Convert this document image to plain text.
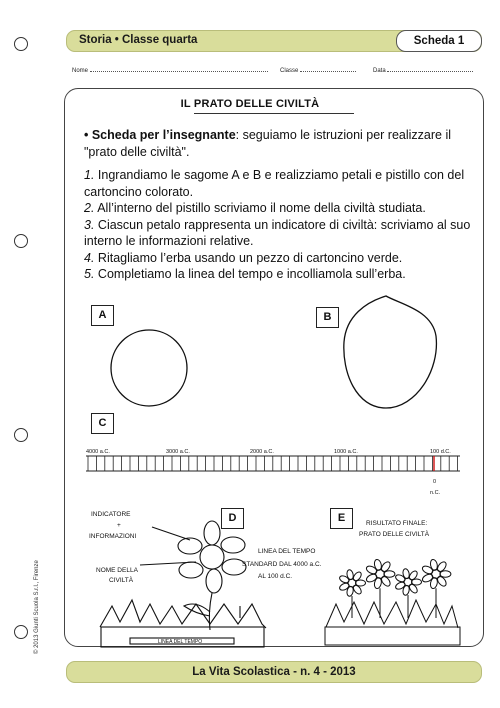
Storia • Classe quarta	Scheda 1
Nome	Classe	Data
IL PRATO DELLE CIVILTÀ
• Scheda per l’insegnante: seguiamo le istruzioni per realizzare il "prato delle civiltà".
1. Ingrandiamo le sagome A e B e realizziamo petali e pistillo con del cartoncino colorato.
2. All’interno del pistillo scriviamo il nome della civiltà studiata.
3. Ciascun petalo rappresenta un indicatore di civiltà: scriviamo al suo interno le informazioni relative.
4. Ritagliamo l’erba usando un pezzo di cartoncino verde.
5. Completiamo la linea del tempo e incolliamola sull’erba.
A	B
C
D	E
4000 a.C.	3000 a.C.	2000 a.C.	1000 a.C.	100 d.C.
0
n.C.
INDICATORE
+
INFORMAZIONI
NOME DELLA
CIVILTÀ
LINEA DEL TEMPO
STANDARD DAL 4000 a.C.
AL 100 d.C.
LINEA DEL TEMPO
RISULTATO FINALE:
PRATO DELLE CIVILTÀ
© 2013 Giunti Scuola S.r.l., Firenze
La Vita Scolastica - n. 4 - 2013
